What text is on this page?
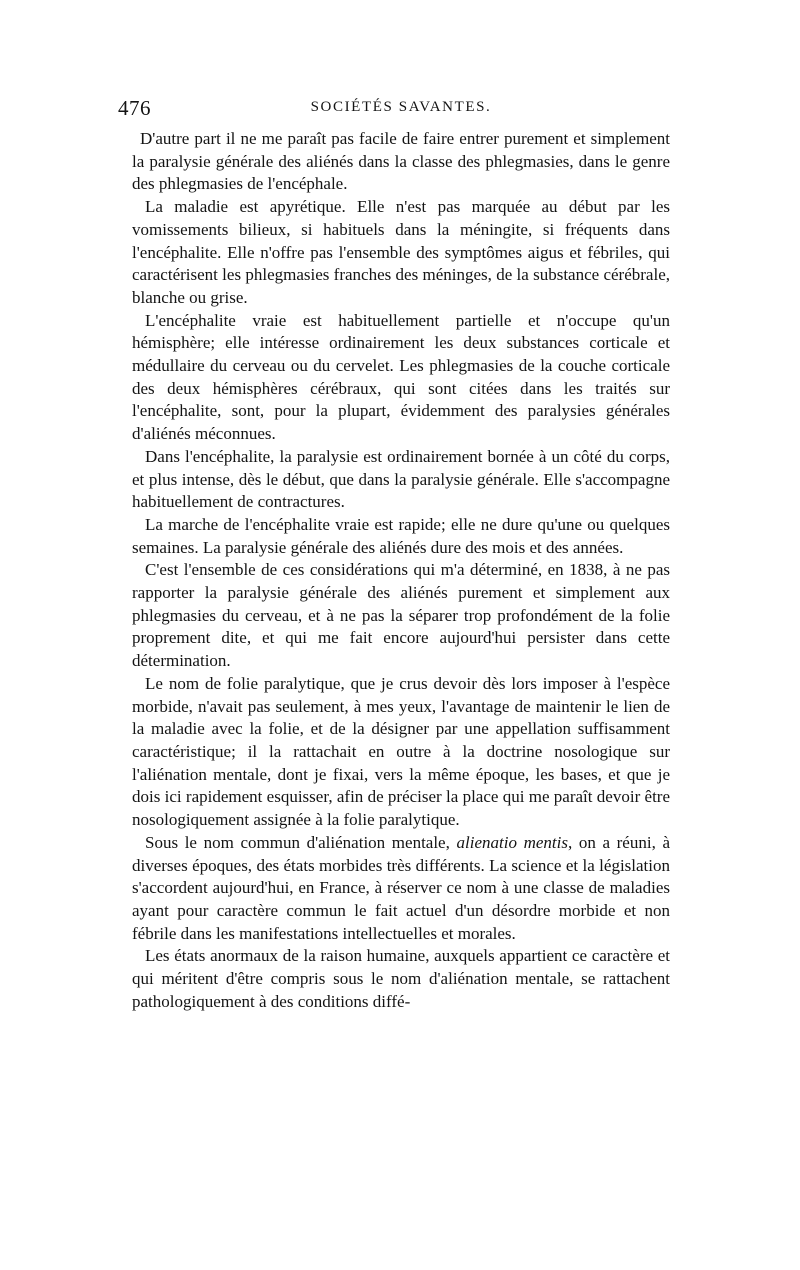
476	SOCIÉTÉS SAVANTES.

D'autre part il ne me paraît pas facile de faire entrer purement et simplement la paralysie générale des aliénés dans la classe des phlegmasies, dans le genre des phlegmasies de l'encéphale.

La maladie est apyrétique. Elle n'est pas marquée au début par les vomissements bilieux, si habituels dans la méningite, si fréquents dans l'encéphalite. Elle n'offre pas l'ensemble des symptômes aigus et fébriles, qui caractérisent les phlegmasies franches des méninges, de la substance cérébrale, blanche ou grise.

L'encéphalite vraie est habituellement partielle et n'occupe qu'un hémisphère; elle intéresse ordinairement les deux substances corticale et médullaire du cerveau ou du cervelet. Les phlegmasies de la couche corticale des deux hémisphères cérébraux, qui sont citées dans les traités sur l'encéphalite, sont, pour la plupart, évidemment des paralysies générales d'aliénés méconnues.

Dans l'encéphalite, la paralysie est ordinairement bornée à un côté du corps, et plus intense, dès le début, que dans la paralysie générale. Elle s'accompagne habituellement de contractures.

La marche de l'encéphalite vraie est rapide; elle ne dure qu'une ou quelques semaines. La paralysie générale des aliénés dure des mois et des années.

C'est l'ensemble de ces considérations qui m'a déterminé, en 1838, à ne pas rapporter la paralysie générale des aliénés purement et simplement aux phlegmasies du cerveau, et à ne pas la séparer trop profondément de la folie proprement dite, et qui me fait encore aujourd'hui persister dans cette détermination.

Le nom de folie paralytique, que je crus devoir dès lors imposer à l'espèce morbide, n'avait pas seulement, à mes yeux, l'avantage de maintenir le lien de la maladie avec la folie, et de la désigner par une appellation suffisamment caractéristique; il la rattachait en outre à la doctrine nosologique sur l'aliénation mentale, dont je fixai, vers la même époque, les bases, et que je dois ici rapidement esquisser, afin de préciser la place qui me paraît devoir être nosologiquement assignée à la folie paralytique.

Sous le nom commun d'aliénation mentale, alienatio mentis, on a réuni, à diverses époques, des états morbides très différents. La science et la législation s'accordent aujourd'hui, en France, à réserver ce nom à une classe de maladies ayant pour caractère commun le fait actuel d'un désordre morbide et non fébrile dans les manifestations intellectuelles et morales.

Les états anormaux de la raison humaine, auxquels appartient ce caractère et qui méritent d'être compris sous le nom d'aliénation mentale, se rattachent pathologiquement à des conditions diffé-
